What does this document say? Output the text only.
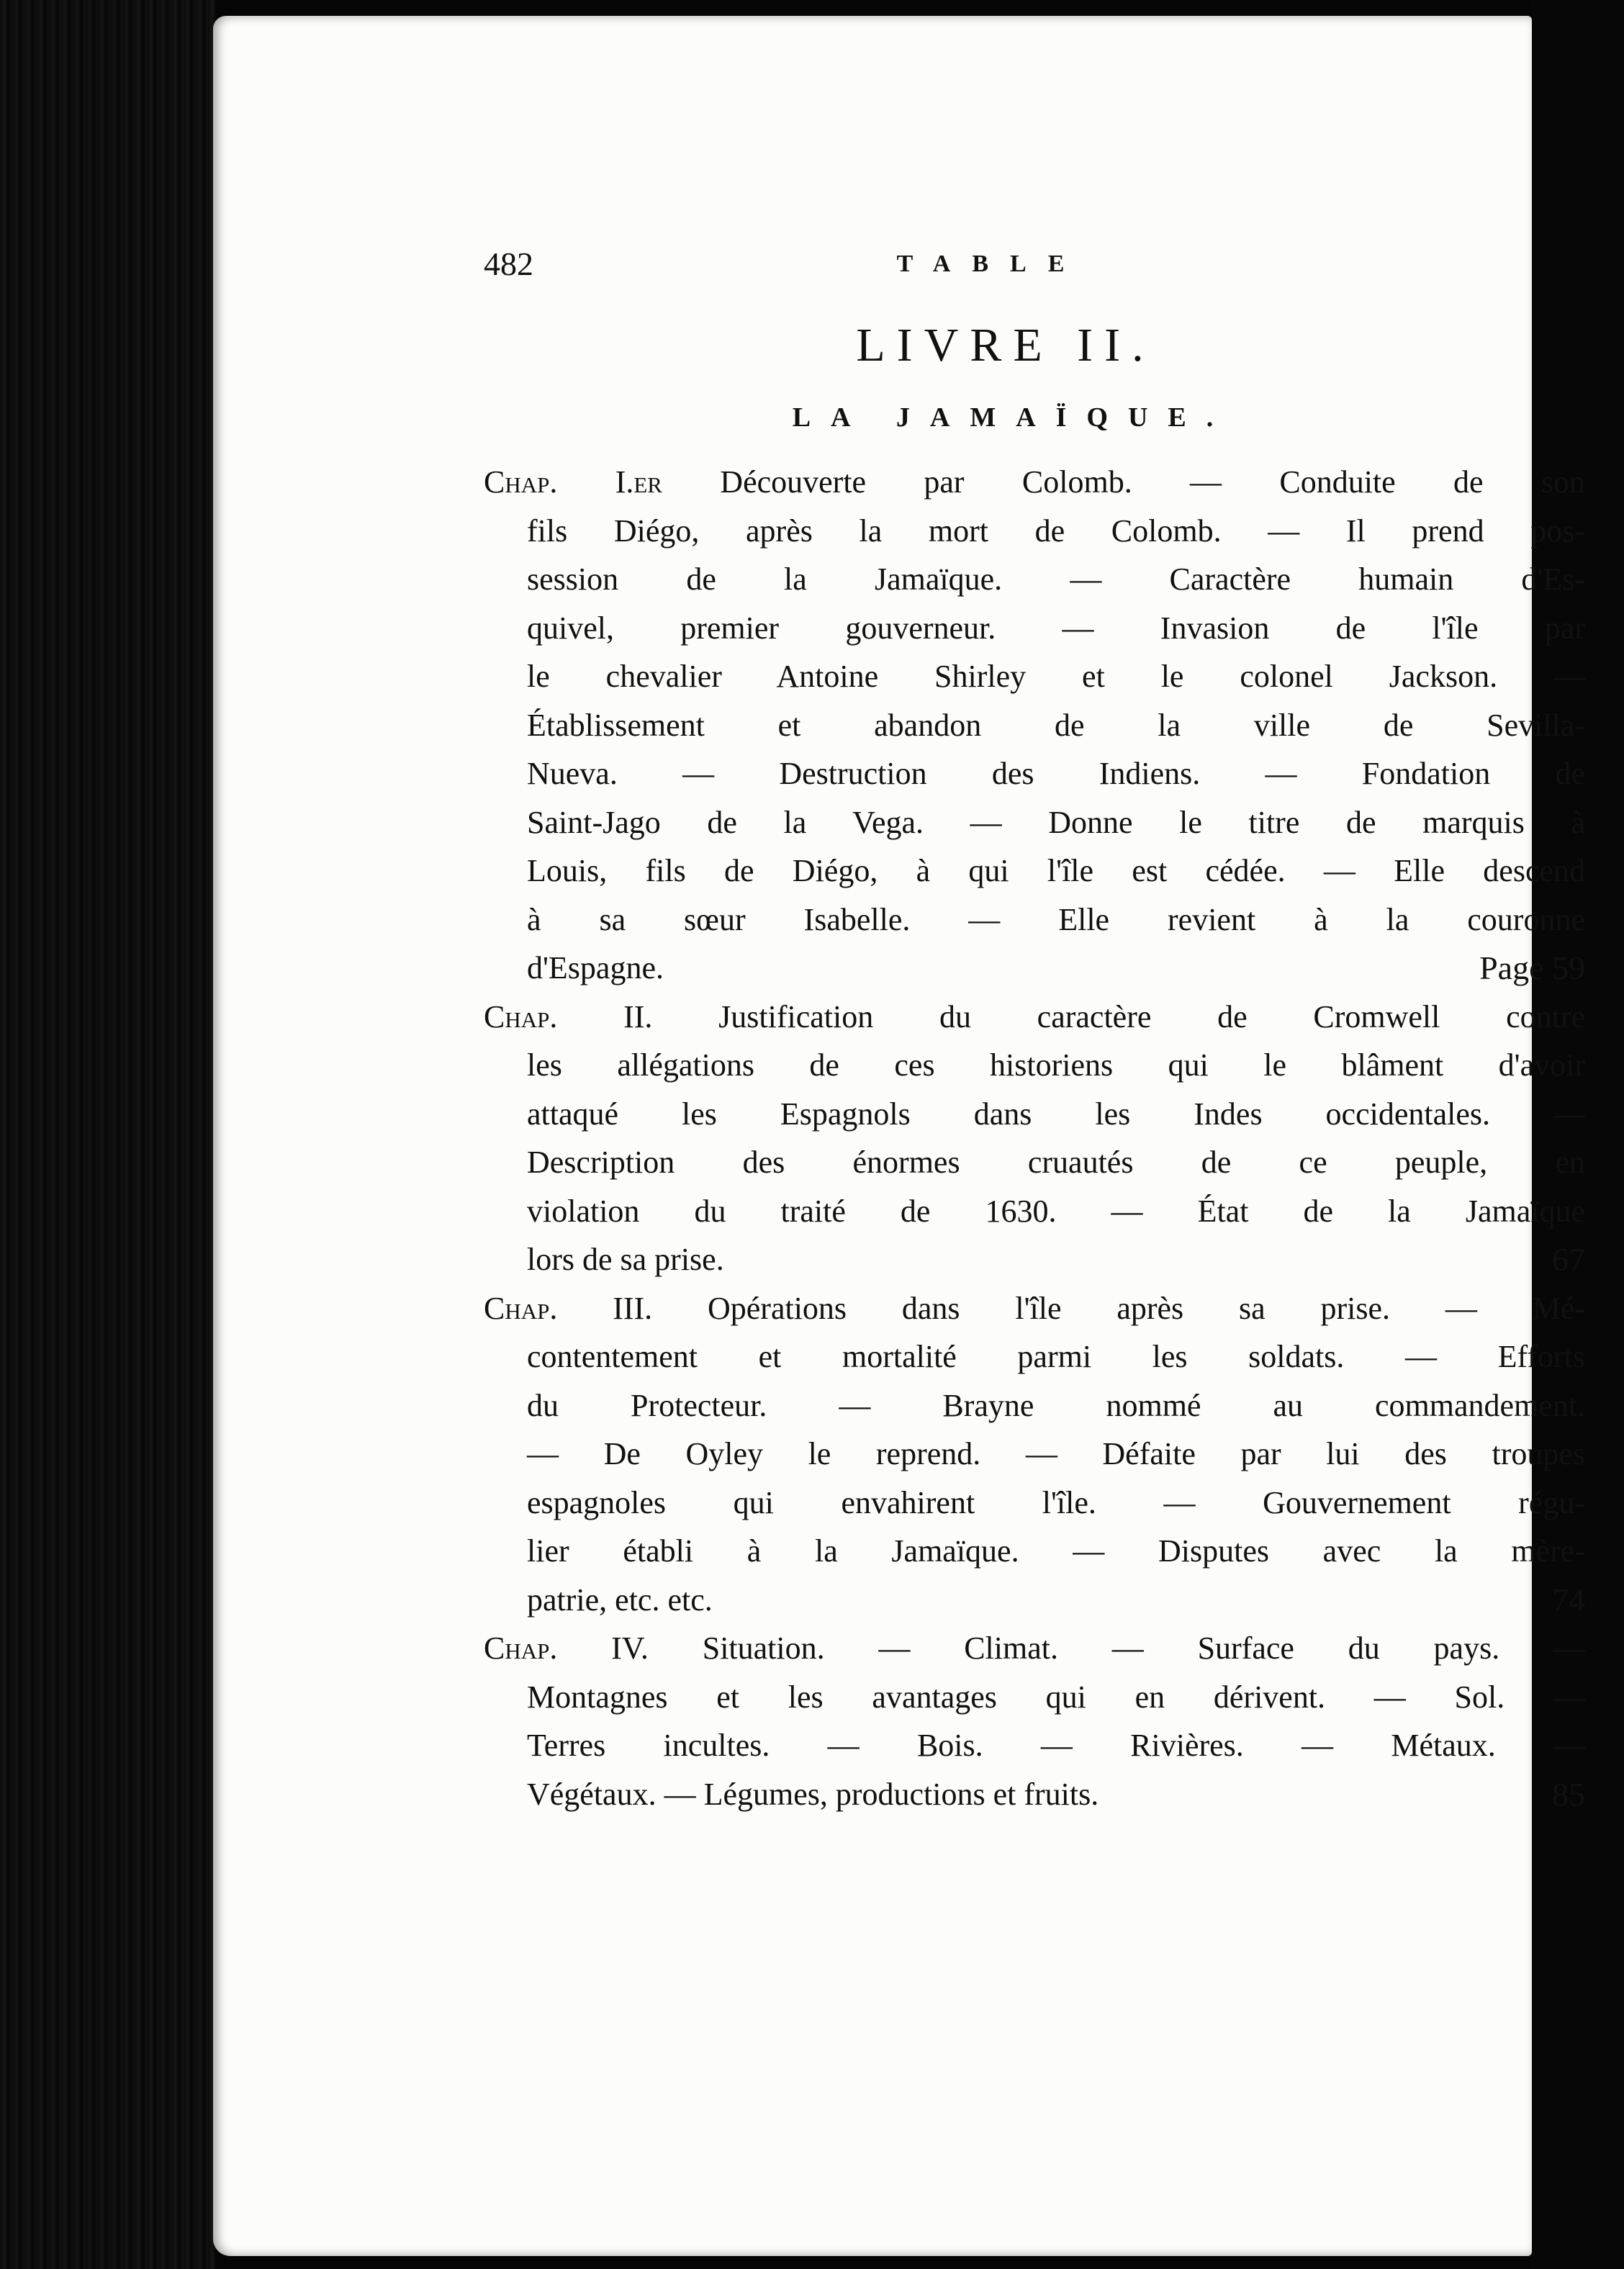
482	TABLE
LIVRE II.
LA JAMAÏQUE.
Chap. I.er Découverte par Colomb. — Conduite de son
fils Diégo, après la mort de Colomb. — Il prend pos-
session de la Jamaïque. — Caractère humain d'Es-
quivel, premier gouverneur. — Invasion de l'île par
le chevalier Antoine Shirley et le colonel Jackson. —
Établissement et abandon de la ville de Sevilla-
Nueva. — Destruction des Indiens. — Fondation de
Saint-Jago de la Vega. — Donne le titre de marquis à
Louis, fils de Diégo, à qui l'île est cédée. — Elle descend
à sa sœur Isabelle. — Elle revient à la couronne
d'Espagne.	Page 59
Chap. II. Justification du caractère de Cromwell contre
les allégations de ces historiens qui le blâment d'avoir
attaqué les Espagnols dans les Indes occidentales. —
Description des énormes cruautés de ce peuple, en
violation du traité de 1630. — État de la Jamaïque
lors de sa prise.	67
Chap. III. Opérations dans l'île après sa prise. — Mé-
contentement et mortalité parmi les soldats. — Efforts
du Protecteur. — Brayne nommé au commandement.
— De Oyley le reprend. — Défaite par lui des troupes
espagnoles qui envahirent l'île. — Gouvernement régu-
lier établi à la Jamaïque. — Disputes avec la mère-
patrie, etc. etc.	74
Chap. IV. Situation. — Climat. — Surface du pays. —
Montagnes et les avantages qui en dérivent. — Sol. —
Terres incultes. — Bois. — Rivières. — Métaux. —
Végétaux. — Légumes, productions et fruits.	85
